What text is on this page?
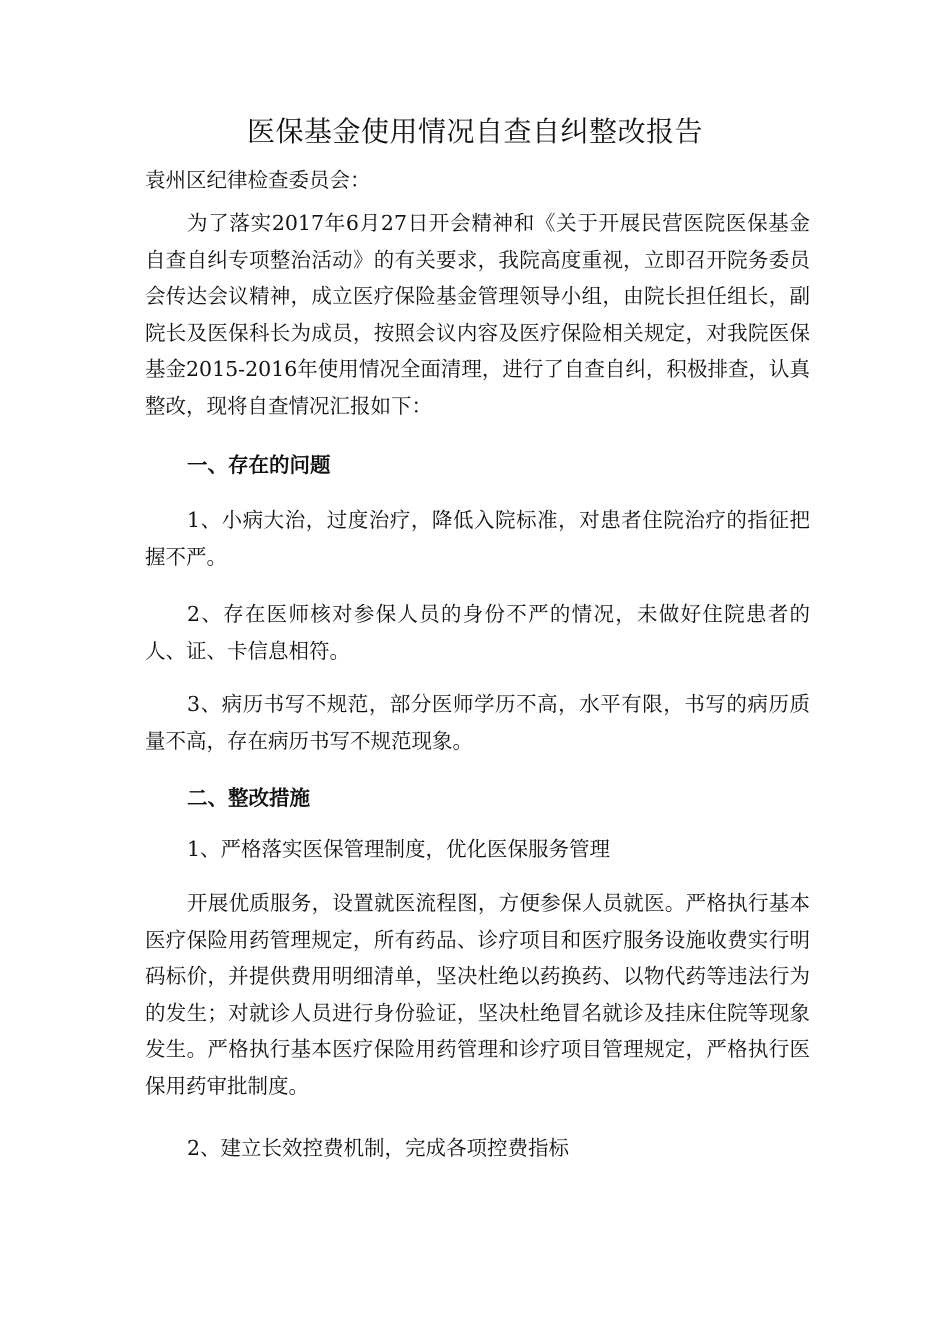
医保基金使用情况自查自纠整改报告

袁州区纪律检查委员会：

为了落实2017年6月27日开会精神和《关于开展民营医院医保基金自查自纠专项整治活动》的有关要求，我院高度重视，立即召开院务委员会传达会议精神，成立医疗保险基金管理领导小组，由院长担任组长，副院长及医保科长为成员，按照会议内容及医疗保险相关规定，对我院医保基金2015-2016年使用情况全面清理，进行了自查自纠，积极排查，认真整改，现将自查情况汇报如下：

一、存在的问题

1、小病大治，过度治疗，降低入院标准，对患者住院治疗的指征把握不严。

2、存在医师核对参保人员的身份不严的情况，未做好住院患者的人、证、卡信息相符。

3、病历书写不规范，部分医师学历不高，水平有限，书写的病历质量不高，存在病历书写不规范现象。

二、整改措施

1、严格落实医保管理制度，优化医保服务管理

开展优质服务，设置就医流程图，方便参保人员就医。严格执行基本医疗保险用药管理规定，所有药品、诊疗项目和医疗服务设施收费实行明码标价，并提供费用明细清单，坚决杜绝以药换药、以物代药等违法行为的发生；对就诊人员进行身份验证，坚决杜绝冒名就诊及挂床住院等现象发生。严格执行基本医疗保险用药管理和诊疗项目管理规定，严格执行医保用药审批制度。

2、建立长效控费机制，完成各项控费指标
